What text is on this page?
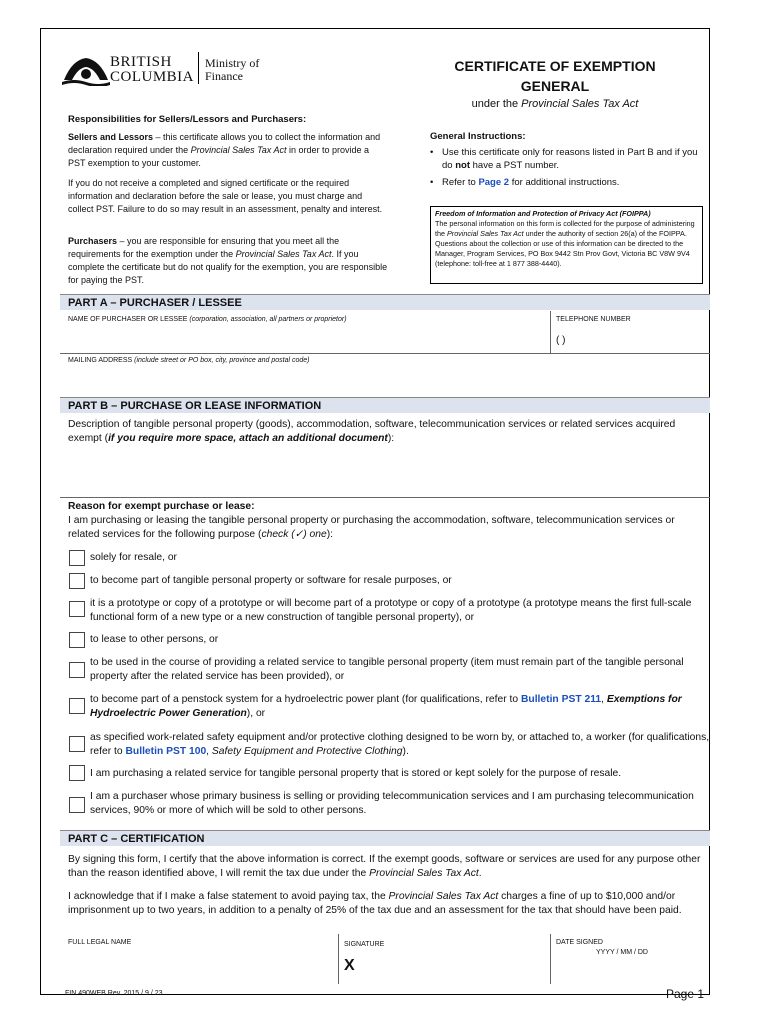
BRITISH
COLUMBIA
Ministry of
Finance
CERTIFICATE OF EXEMPTION
GENERAL
under the Provincial Sales Tax Act
Responsibilities for Sellers/Lessors and Purchasers:

Sellers and Lessors – this certificate allows you to collect the information and declaration required under the Provincial Sales Tax Act in order to provide a PST exemption to your customer.

If you do not receive a completed and signed certificate or the required information and declaration before the sale or lease, you must charge and collect PST. Failure to do so may result in an assessment, penalty and interest.

Purchasers – you are responsible for ensuring that you meet all the requirements for the exemption under the Provincial Sales Tax Act. If you complete the certificate but do not qualify for the exemption, you are responsible for paying the PST.

General Instructions:
• Use this certificate only for reasons listed in Part B and if you do not have a PST number.
• Refer to Page 2 for additional instructions.
Freedom of Information and Protection of Privacy Act (FOIPPA)
The personal information on this form is collected for the purpose of administering the Provincial Sales Tax Act under the authority of section 26(a) of the FOIPPA. Questions about the collection or use of this information can be directed to the Manager, Program Services, PO Box 9442 Stn Prov Govt, Victoria BC V8W 9V4 (telephone: toll-free at 1 877 388-4440).
PART A – PURCHASER / LESSEE
NAME OF PURCHASER OR LESSEE (corporation, association, all partners or proprietor)	TELEPHONE NUMBER
( )
MAILING ADDRESS (include street or PO box, city, province and postal code)
PART B – PURCHASE OR LEASE INFORMATION

Description of tangible personal property (goods), accommodation, software, telecommunication services or related services acquired exempt (if you require more space, attach an additional document):

Reason for exempt purchase or lease:

I am purchasing or leasing the tangible personal property or purchasing the accommodation, software, telecommunication services or related services for the following purpose (check (✓) one):

solely for resale, or
to become part of tangible personal property or software for resale purposes, or
it is a prototype or copy of a prototype or will become part of a prototype or copy of a prototype (a prototype means the first full-scale functional form of a new type or a new construction of tangible personal property), or
to lease to other persons, or
to be used in the course of providing a related service to tangible personal property (item must remain part of the tangible personal property after the related service has been provided), or
to become part of a penstock system for a hydroelectric power plant (for qualifications, refer to Bulletin PST 211, Exemptions for Hydroelectric Power Generation), or
as specified work-related safety equipment and/or protective clothing designed to be worn by, or attached to, a worker (for qualifications, refer to Bulletin PST 100, Safety Equipment and Protective Clothing).
I am purchasing a related service for tangible personal property that is stored or kept solely for the purpose of resale.
I am a purchaser whose primary business is selling or providing telecommunication services and I am purchasing telecommunication services, 90% or more of which will be sold to other persons.
PART C – CERTIFICATION

By signing this form, I certify that the above information is correct. If the exempt goods, software or services are used for any purpose other than the reason identified above, I will remit the tax due under the Provincial Sales Tax Act.

I acknowledge that if I make a false statement to avoid paying tax, the Provincial Sales Tax Act charges a fine of up to $10,000 and/or imprisonment up to two years, in addition to a penalty of 25% of the tax due and an assessment for the tax that should have been paid.

FULL LEGAL NAME	SIGNATURE
X
DATE SIGNED
YYYY / MM / DD
FIN 490WEB Rev. 2015 / 9 / 23	Page 1
